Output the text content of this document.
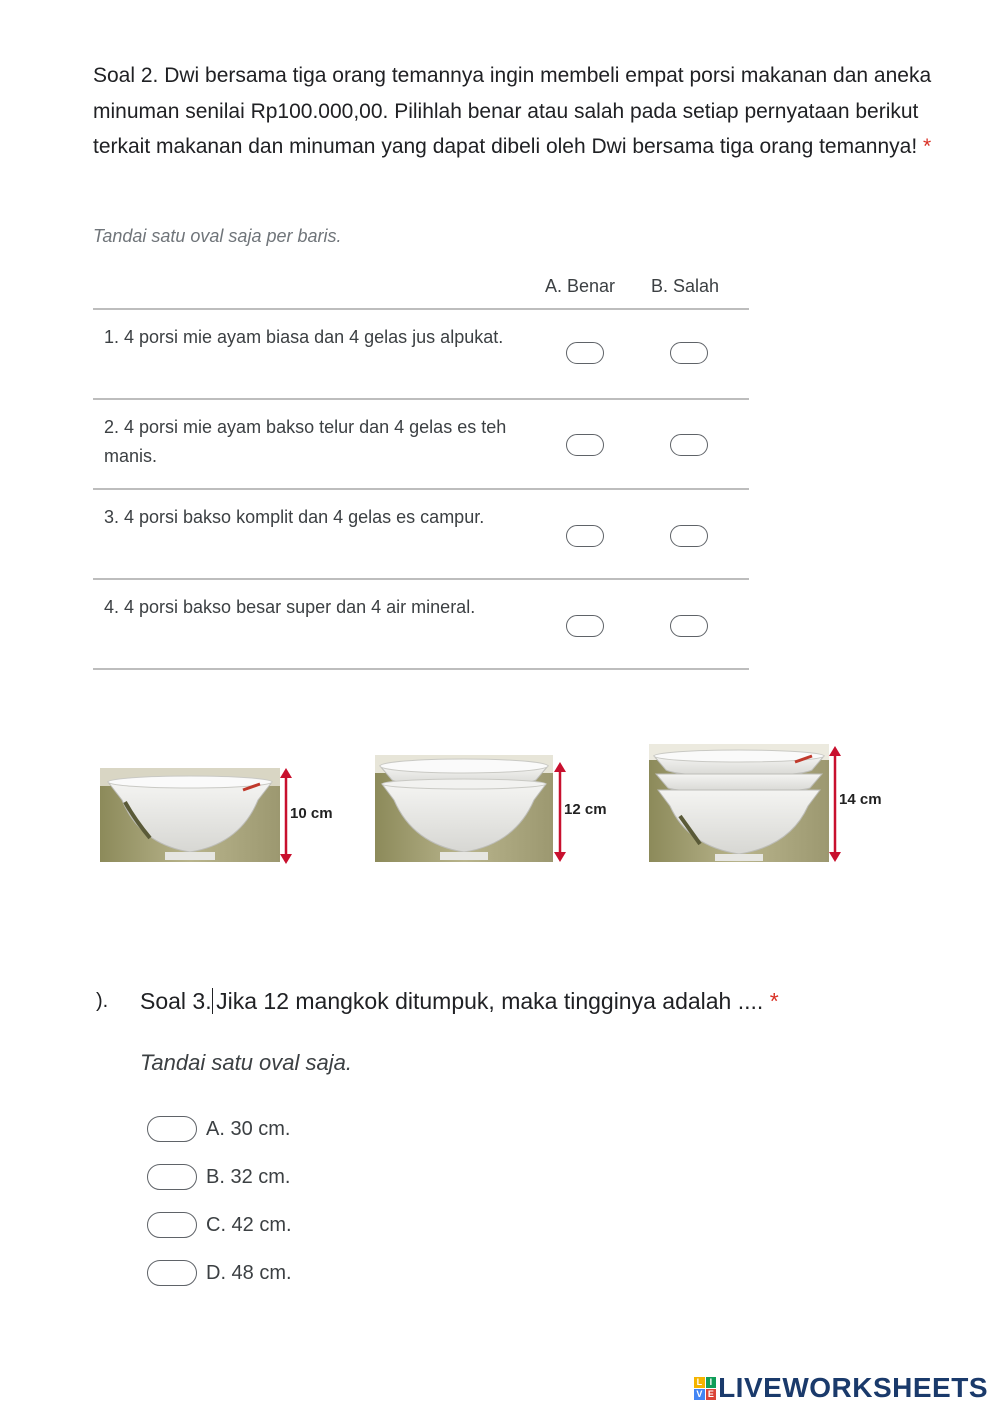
Soal 2. Dwi bersama tiga orang temannya ingin membeli empat porsi makanan dan aneka minuman senilai Rp100.000,00. Pilihlah benar atau salah pada setiap pernyataan berikut terkait makanan dan minuman yang dapat dibeli oleh Dwi bersama tiga orang temannya! *
Tandai satu oval saja per baris.
A. Benar B. Salah
1. 4 porsi mie ayam biasa dan 4 gelas jus alpukat.
2. 4 porsi mie ayam bakso telur dan 4 gelas es teh manis.
3. 4 porsi bakso komplit dan 4 gelas es campur.
4. 4 porsi bakso besar super dan 4 air mineral.
10 cm	12 cm
14 cm
). Soal 3. Jika 12 mangkok ditumpuk, maka tingginya adalah .... *
Tandai satu oval saja.
A. 30 cm.
B. 32 cm.
C. 42 cm.
D. 48 cm.
L I
V E LIVEWORKSHEETS
